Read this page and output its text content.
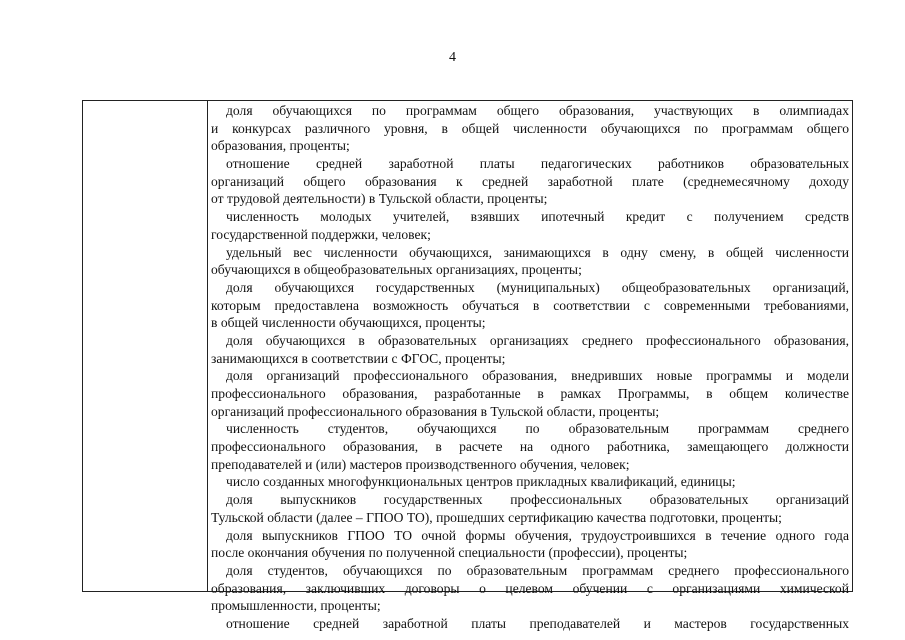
4
доля обучающихся по программам общего образования, участвующих в олимпиадах
и конкурсах различного уровня, в общей численности обучающихся по программам общего
образования, проценты;
отношение средней заработной платы педагогических работников образовательных
организаций общего образования к средней заработной плате (среднемесячному доходу
от трудовой деятельности) в Тульской области, проценты;
численность молодых учителей, взявших ипотечный кредит с получением средств
государственной поддержки, человек;
удельный вес численности обучающихся, занимающихся в одну смену, в общей численности
обучающихся в общеобразовательных организациях, проценты;
доля обучающихся государственных (муниципальных) общеобразовательных организаций,
которым предоставлена возможность обучаться в соответствии с современными требованиями,
в общей численности обучающихся, проценты;
доля обучающихся в образовательных организациях среднего профессионального образования,
занимающихся в соответствии с ФГОС, проценты;
доля организаций профессионального образования, внедривших новые программы и модели
профессионального образования, разработанные в рамках Программы, в общем количестве
организаций профессионального образования в Тульской области, проценты;
численность студентов, обучающихся по образовательным программам среднего
профессионального образования, в расчете на одного работника, замещающего должности
преподавателей и (или) мастеров производственного обучения, человек;
число созданных многофункциональных центров прикладных квалификаций, единицы;
доля выпускников государственных профессиональных образовательных организаций
Тульской области (далее – ГПОО ТО), прошедших сертификацию качества подготовки, проценты;
доля выпускников ГПОО ТО очной формы обучения, трудоустроившихся в течение одного года
после окончания обучения по полученной специальности (профессии), проценты;
доля студентов, обучающихся по образовательным программам среднего профессионального
образования, заключивших договоры о целевом обучении с организациями химической
промышленности, проценты;
отношение средней заработной платы преподавателей и мастеров государственных
